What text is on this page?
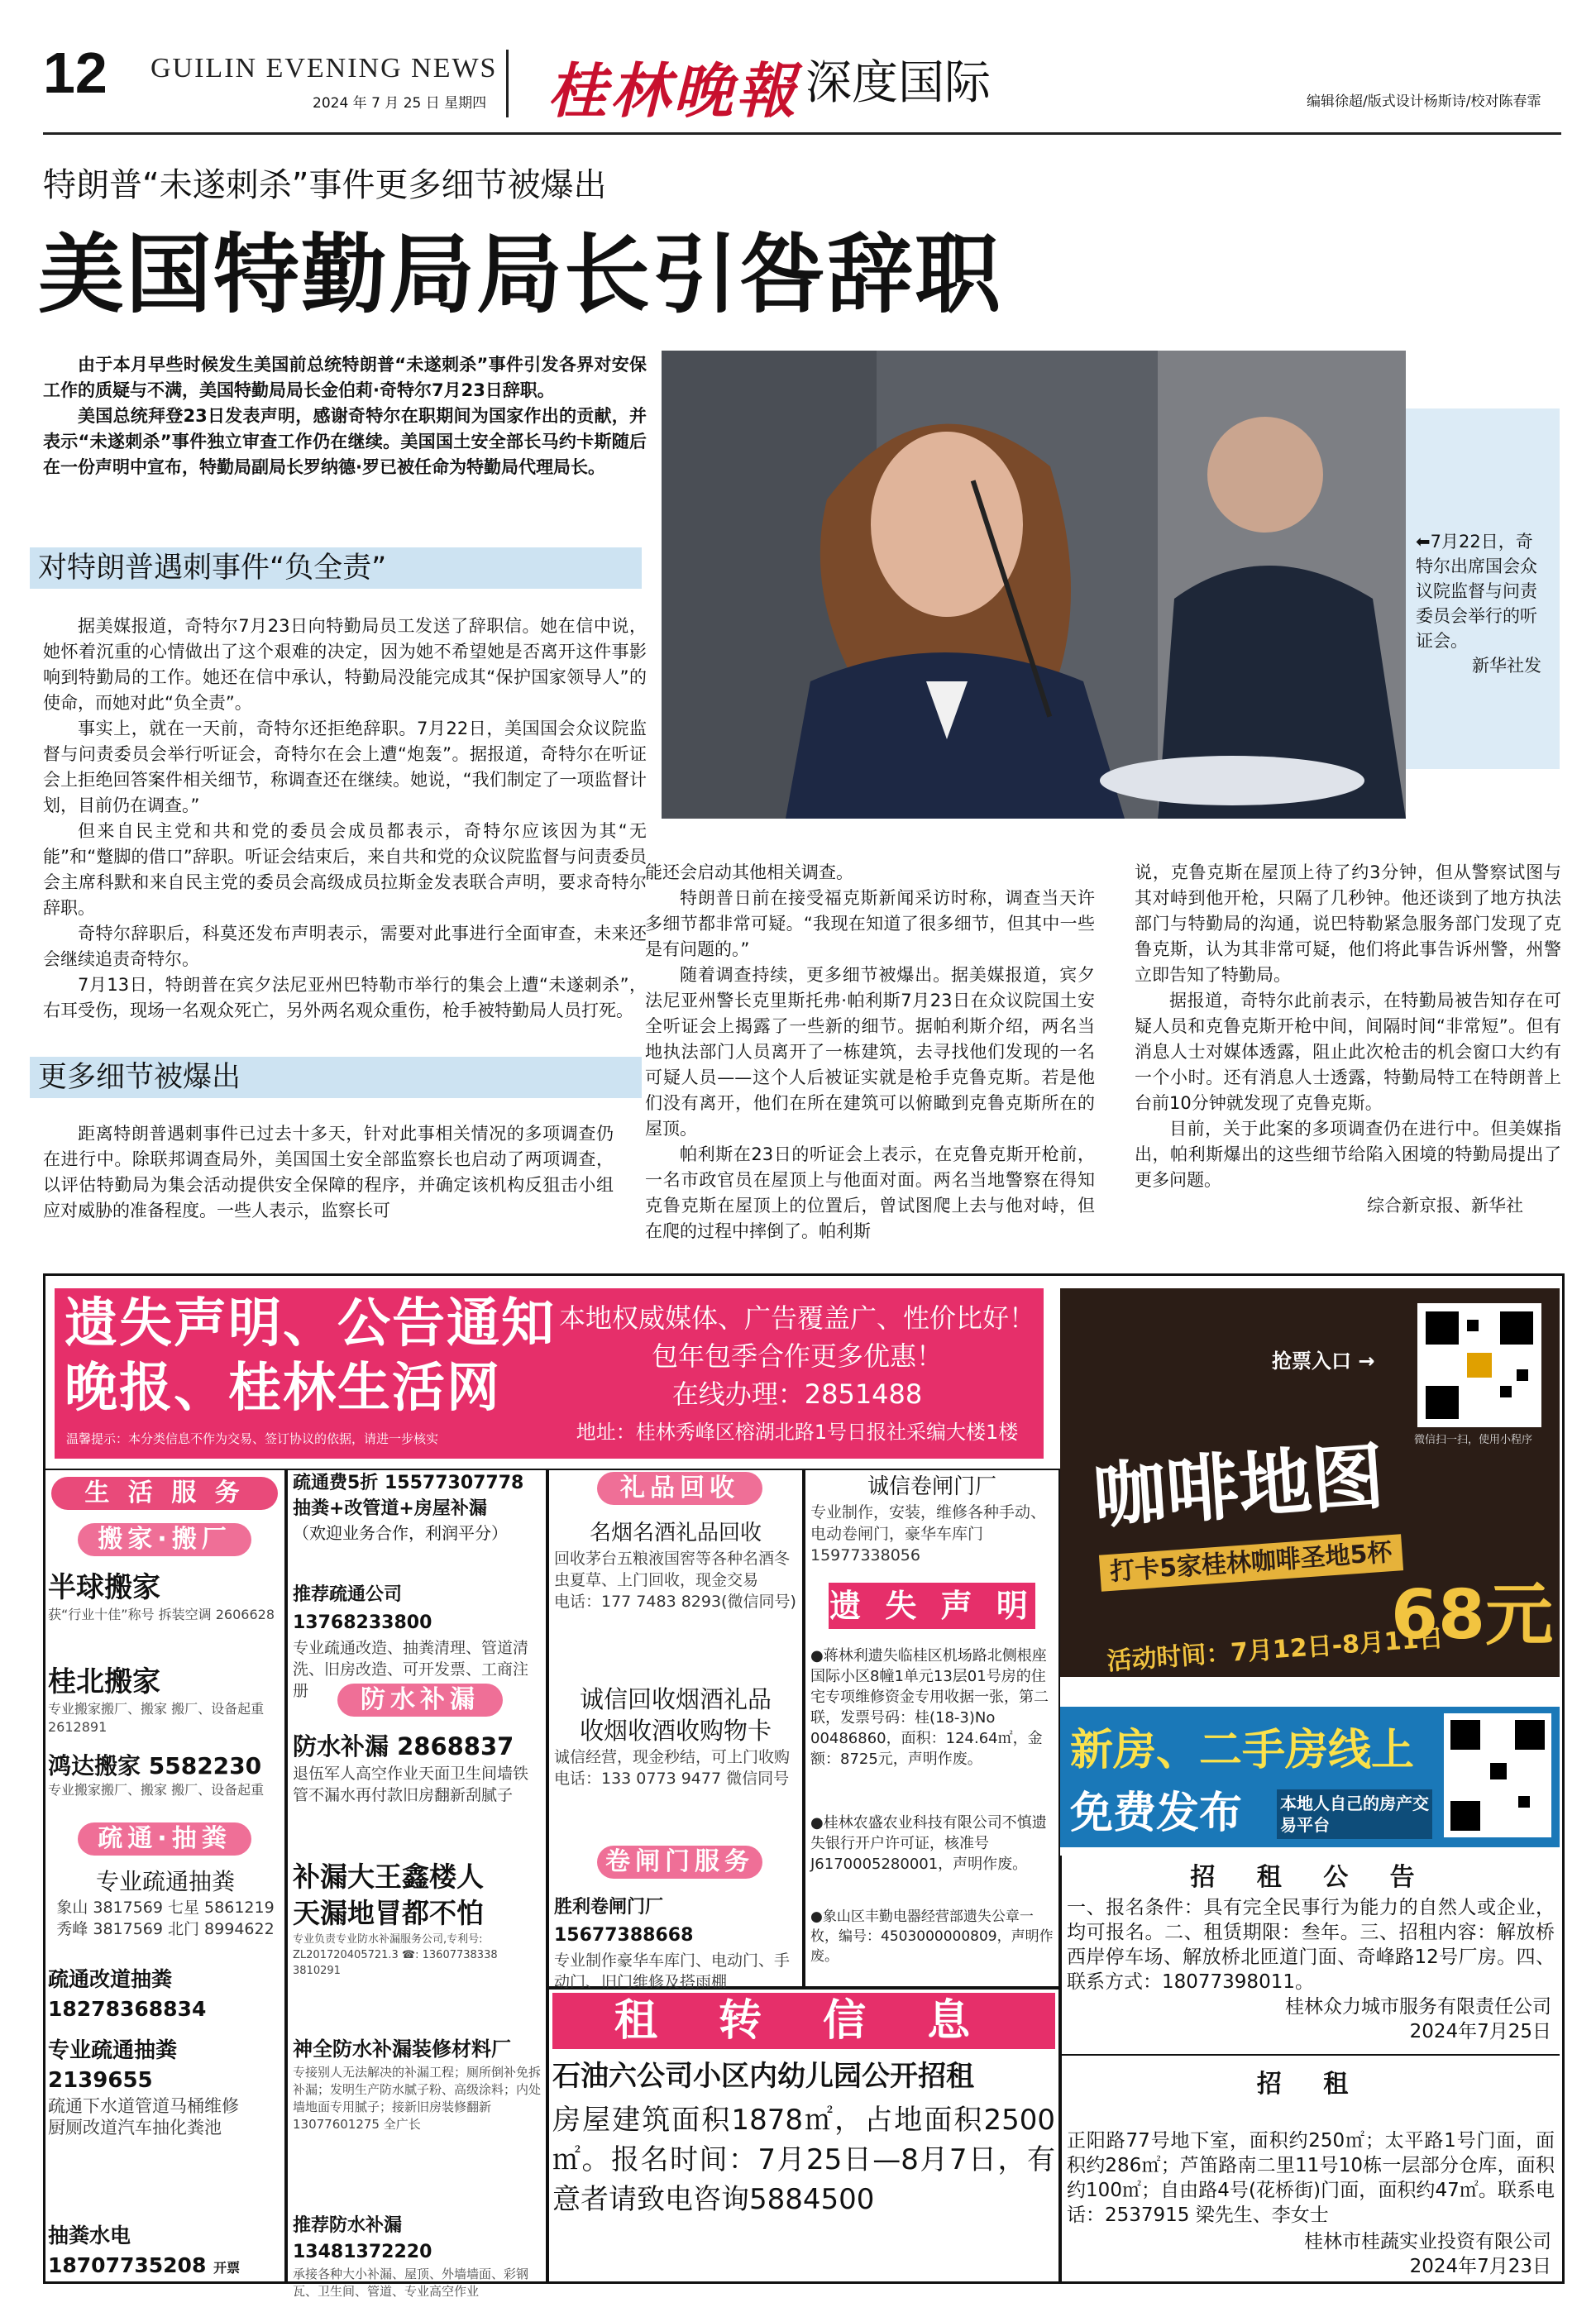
12 GUILIN EVENING NEWS
2024 年 7 月 25 日 星期四 桂林晚報 深度国际	编辑徐超/版式设计杨斯诗/校对陈春霏
特朗普“未遂刺杀”事件更多细节被爆出
美国特勤局局长引咎辞职

由于本月早些时候发生美国前总统特朗普“未遂刺杀”事件引发各界对安保工作的质疑与不满，美国特勤局局长金伯莉·奇特尔7月23日辞职。

美国总统拜登23日发表声明，感谢奇特尔在职期间为国家作出的贡献，并表示“未遂刺杀”事件独立审查工作仍在继续。美国国土安全部长马约卡斯随后在一份声明中宣布，特勤局副局长罗纳德·罗已被任命为特勤局代理局长。

对特朗普遇刺事件“负全责”

据美媒报道，奇特尔7月23日向特勤局员工发送了辞职信。她在信中说，她怀着沉重的心情做出了这个艰难的决定，因为她不希望她是否离开这件事影响到特勤局的工作。她还在信中承认，特勤局没能完成其“保护国家领导人”的使命，而她对此“负全责”。

事实上，就在一天前，奇特尔还拒绝辞职。7月22日，美国国会众议院监督与问责委员会举行听证会，奇特尔在会上遭“炮轰”。据报道，奇特尔在听证会上拒绝回答案件相关细节，称调查还在继续。她说，“我们制定了一项监督计划，目前仍在调查。”

但来自民主党和共和党的委员会成员都表示，奇特尔应该因为其“无能”和“蹩脚的借口”辞职。听证会结束后，来自共和党的众议院监督与问责委员会主席科默和来自民主党的委员会高级成员拉斯金发表联合声明，要求奇特尔辞职。

奇特尔辞职后，科莫还发布声明表示，需要对此事进行全面审查，未来还会继续追责奇特尔。

7月13日，特朗普在宾夕法尼亚州巴特勒市举行的集会上遭“未遂刺杀”，右耳受伤，现场一名观众死亡，另外两名观众重伤，枪手被特勤局人员打死。

更多细节被爆出

距离特朗普遇刺事件已过去十多天，针对此事相关情况的多项调查仍在进行中。除联邦调查局外，美国国土安全部监察长也启动了两项调查，以评估特勤局为集会活动提供安全保障的程序，并确定该机构反狙击小组应对威胁的准备程度。一些人表示，监察长可

⬅7月22日，奇特尔出席国会众议院监督与问责委员会举行的听证会。
新华社发

能还会启动其他相关调查。

特朗普日前在接受福克斯新闻采访时称，调查当天许多细节都非常可疑。“我现在知道了很多细节，但其中一些是有问题的。”

随着调查持续，更多细节被爆出。据美媒报道，宾夕法尼亚州警长克里斯托弗·帕利斯7月23日在众议院国土安全听证会上揭露了一些新的细节。据帕利斯介绍，两名当地执法部门人员离开了一栋建筑，去寻找他们发现的一名可疑人员——这个人后被证实就是枪手克鲁克斯。若是他们没有离开，他们在所在建筑可以俯瞰到克鲁克斯所在的屋顶。

帕利斯在23日的听证会上表示，在克鲁克斯开枪前，一名市政官员在屋顶上与他面对面。两名当地警察在得知克鲁克斯在屋顶上的位置后，曾试图爬上去与他对峙，但在爬的过程中摔倒了。帕利斯

说，克鲁克斯在屋顶上待了约3分钟，但从警察试图与其对峙到他开枪，只隔了几秒钟。他还谈到了地方执法部门与特勤局的沟通，说巴特勒紧急服务部门发现了克鲁克斯，认为其非常可疑，他们将此事告诉州警，州警立即告知了特勤局。

据报道，奇特尔此前表示，在特勤局被告知存在可疑人员和克鲁克斯开枪中间，间隔时间“非常短”。但有消息人士对媒体透露，阻止此次枪击的机会窗口大约有一个小时。还有消息人士透露，特勤局特工在特朗普上台前10分钟就发现了克鲁克斯。

目前，关于此案的多项调查仍在进行中。但美媒指出，帕利斯爆出的这些细节给陷入困境的特勤局提出了更多问题。

综合新京报、新华社
遗失声明、公告通知
晚报、桂林生活网
温馨提示：本分类信息不作为交易、签订协议的依据，请进一步核实
本地权威媒体、广告覆盖广、性价比好！
包年包季合作更多优惠！
在线办理：2851488
地址：桂林秀峰区榕湖北路1号日报社采编大楼1楼
抢票入口 →
微信扫一扫，使用小程序
咖啡地图
打卡5家桂林咖啡圣地5杯
68元
活动时间：7月12日-8月11日
新房、二手房线上
免费发布 本地人自己的房产交易平台
生 活 服 务
搬家·搬厂
半球搬家
获“行业十佳”称号 拆装空调 2606628
桂北搬家
专业搬家搬厂、搬家 搬厂、设备起重 2612891
鸿达搬家 5582230
专业搬家搬厂、搬家 搬厂、设备起重
疏通·抽粪
专业疏通抽粪
象山 3817569 七星 5861219
秀峰 3817569 北门 8994622
疏通改道抽粪 18278368834
专业疏通抽粪 2139655
疏通下水道管道马桶维修
厨厕改道汽车抽化粪池
抽粪水电 18707735208 开票
疏通费5折 15577307778
抽粪+改管道+房屋补漏
（欢迎业务合作，利润平分）
推荐疏通公司 13768233800
专业疏通改造、抽粪清理、管道清洗、旧房改造、可开发票、工商注册	防水补漏
防水补漏 2868837
退伍军人高空作业天面卫生间墙铁管不漏水再付款旧房翻新刮腻子
补漏大王鑫楼人
天漏地冒都不怕
专业负责专业防水补漏服务公司,专利号: ZL201720405721.3 ☎: 13607738338 3810291
神全防水补漏装修材料厂
专接别人无法解决的补漏工程；厕所倒补免拆补漏；发明生产防水腻子粉、高级涂料；内处墙地面专用腻子；接新旧房装修翻新 13077601275 全广长
推荐防水补漏 13481372220
承接各种大小补漏、屋顶、外墙墙面、彩钢瓦、卫生间、管道、专业高空作业
礼品回收
名烟名酒礼品回收
回收茅台五粮液国窖等各种名酒冬虫夏草、上门回收，现金交易
电话：177 7483 8293(微信同号)
诚信回收烟酒礼品
收烟收酒收购物卡
诚信经营，现金秒结，可上门收购
电话：133 0773 9477 微信同号
卷闸门服务
胜利卷闸门厂 15677388668
专业制作豪华车库门、电动门、手动门、旧门维修及搭雨棚
诚信卷闸门厂
专业制作，安装，维修各种手动、电动卷闸门，豪华车库门15977338056
遗 失 声 明
●蒋林利遗失临桂区机场路北侧根座国际小区8幢1单元13层01号房的住宅专项维修资金专用收据一张，第二联，发票号码：桂(18-3)No 00486860，面积：124.64㎡，金额：8725元，声明作废。
●桂林农盛农业科技有限公司不慎遗失银行开户许可证，核准号J6170005280001，声明作废。
●象山区丰勤电器经营部遗失公章一枚，编号：4503000000809，声明作废。
租 转 信 息
石油六公司小区内幼儿园公开招租
房屋建筑面积1878㎡，占地面积2500㎡。报名时间：7月25日—8月7日，有意者请致电咨询5884500
招 租 公 告
一、报名条件：具有完全民事行为能力的自然人或企业，均可报名。二、租赁期限：叁年。三、招租内容：解放桥西岸停车场、解放桥北匝道门面、奇峰路12号厂房。四、联系方式：18077398011。
桂林众力城市服务有限责任公司
2024年7月25日
招 租
正阳路77号地下室，面积约250㎡；太平路1号门面，面积约286㎡；芦笛路南二里11号10栋一层部分仓库，面积约100㎡；自由路4号(花桥街)门面，面积约47㎡。联系电话：2537915 梁先生、李女士
桂林市桂蔬实业投资有限公司
2024年7月23日
